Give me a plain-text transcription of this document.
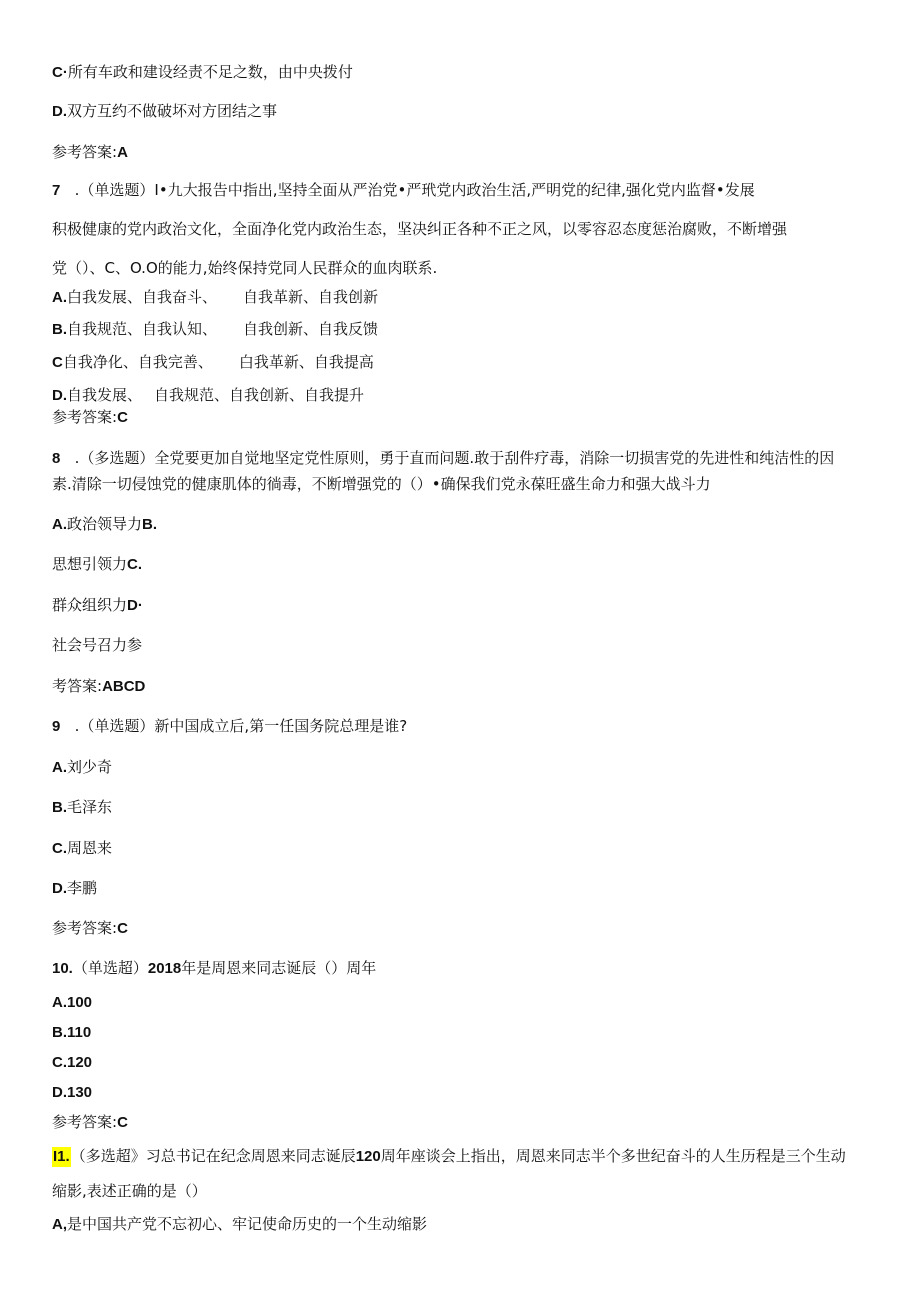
C·所有车政和建设经责不足之数，由中央拨付
D.双方互约不做破坏对方团结之事
参考答案:A
7 .（单选题）I•九大报告中指出,坚持全面从严治党•严玳党内政治生活,严明党的纪律,强化党内监督•发展
积极健康的党内政治文化，全面净化党内政治生态，坚决纠正各种不正之风，以零容忍态度惩治腐败，不断增强
党（）、C、O.O的能力,始终保持党同人民群众的血肉联系.
A.白我发展、自我奋斗、 自我革新、自我创新
B.自我规范、自我认知、 自我创新、自我反馈
C自我净化、自我完善、 白我革新、自我提高
D.自我发展、 自我规范、自我创新、自我提升
参考答案:C
8 .（多选题）全党要更加自觉地坚定党性原则，勇于直而问题.敢于刮件疗毒，消除一切损害党的先进性和纯洁性的因
素.清除一切侵蚀党的健康肌体的徜毒，不断增强党的（）•确保我们党永葆旺盛生命力和强大战斗力
A.政治领导力B.
思想引领力C.
群众组织力D·
社会号召力参
考答案:ABCD
9 .（单选题）新中国成立后,第一任国务院总理是谁?
A.刘少奇
B.毛泽东
C.周恩来
D.李鹏
参考答案:C
10.（单选超）2018年是周恩来同志诞辰（）周年
A.100
B.110
C.120
D.130
参考答案:C
I1.（多选超》习总书记在纪念周恩来同志诞辰120周年座谈会上指出，周恩来同志半个多世纪奋斗的人生历程是三个生动
缩影,表述正确的是（）
A,是中国共产党不忘初心、牢记使命历史的一个生动缩影
